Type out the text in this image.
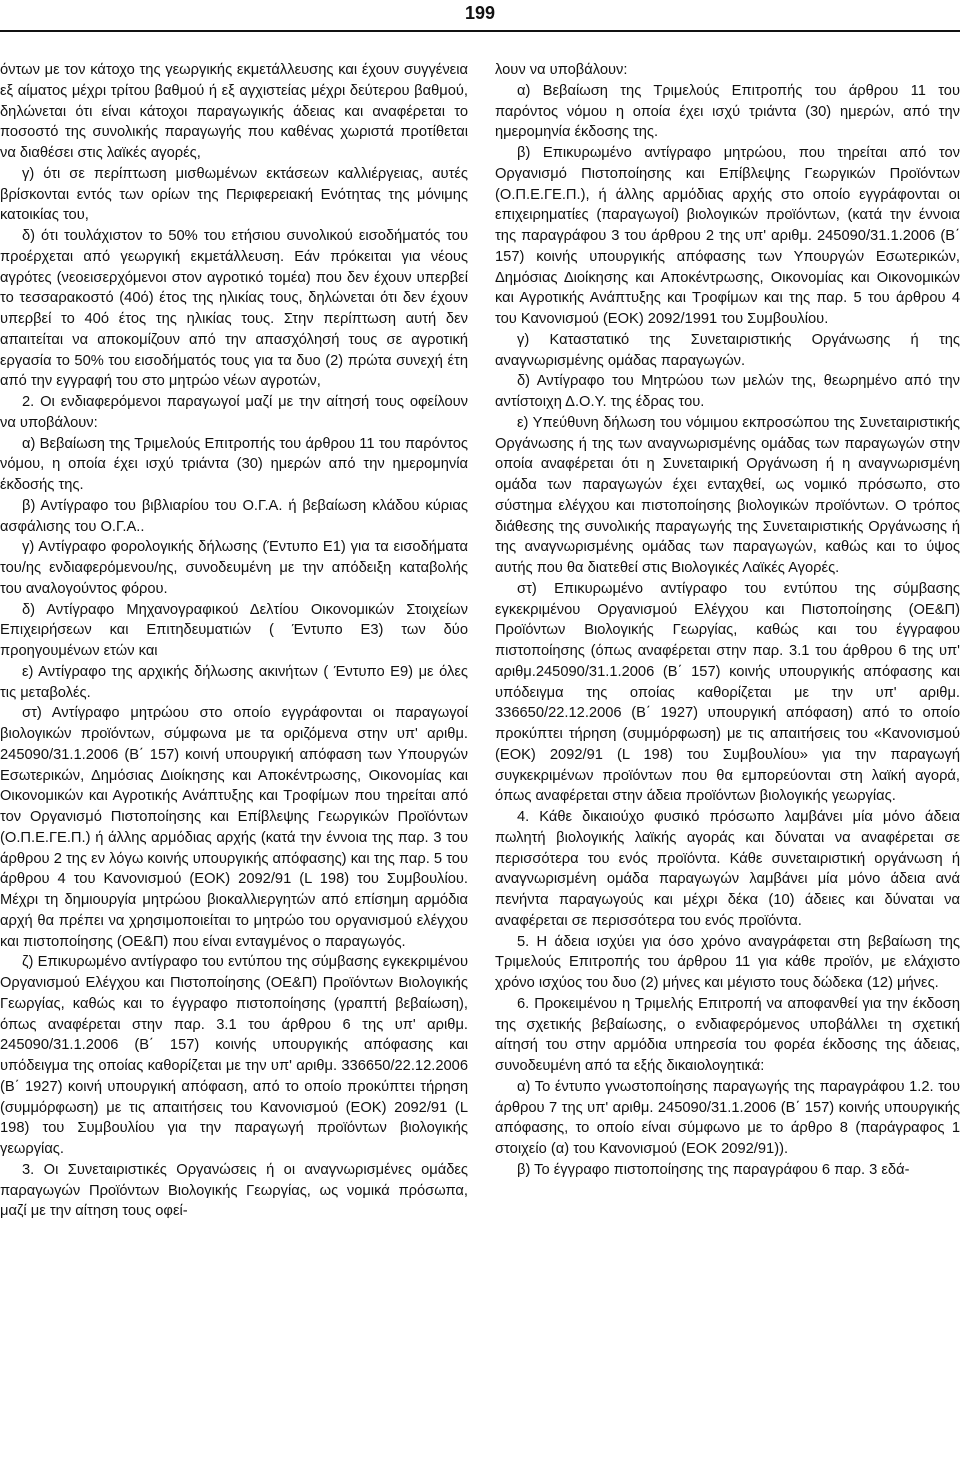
199

όντων με τον κάτοχο της γεωργικής εκμετάλλευσης και έχουν συγγένεια εξ αίματος μέχρι τρίτου βαθμού ή εξ αγχιστείας μέχρι δεύτερου βαθμού, δηλώνεται ότι είναι κάτοχοι παραγωγικής άδειας και αναφέρεται το ποσοστό της συνολικής παραγωγής που καθένας χωριστά προτίθεται να διαθέσει στις λαϊκές αγορές,

γ) ότι σε περίπτωση μισθωμένων εκτάσεων καλλιέργειας, αυτές βρίσκονται εντός των ορίων της Περιφερειακή Ενότητας της μόνιμης κατοικίας του,

δ) ότι τουλάχιστον το 50% του ετήσιου συνολικού εισοδήματός του προέρχεται από γεωργική εκμετάλλευση. Εάν πρόκειται για νέους αγρότες (νεοεισερχόμενοι στον αγροτικό τομέα) που δεν έχουν υπερβεί το τεσσαρακοστό (40ό) έτος της ηλικίας τους, δηλώνεται ότι δεν έχουν υπερβεί το 40ό έτος της ηλικίας τους. Στην περίπτωση αυτή δεν απαιτείται να αποκομίζουν από την απασχόλησή τους σε αγροτική εργασία το 50% του εισοδήματός τους για τα δυο (2) πρώτα συνεχή έτη από την εγγραφή του στο μητρώο νέων αγροτών,

2. Οι ενδιαφερόμενοι παραγωγοί μαζί με την αίτησή τους οφείλουν να υποβάλουν:

α) Βεβαίωση της Τριμελούς Επιτροπής του άρθρου 11 του παρόντος νόμου, η οποία έχει ισχύ τριάντα (30) ημερών από την ημερομηνία έκδοσής της.

β) Αντίγραφο του βιβλιαρίου του Ο.Γ.Α. ή βεβαίωση κλάδου κύριας ασφάλισης του Ο.Γ.Α..

γ) Αντίγραφο φορολογικής δήλωσης (Έντυπο Ε1) για τα εισοδήματα του/ης ενδιαφερόμενου/ης, συνοδευμένη με την απόδειξη καταβολής του αναλογούντος φόρου.

δ) Αντίγραφο Μηχανογραφικού Δελτίου Οικονομικών Στοιχείων Επιχειρήσεων και Επιτηδευματιών ( Έντυπο Ε3) των δύο προηγουμένων ετών και

ε) Αντίγραφο της αρχικής δήλωσης ακινήτων ( Έντυπο Ε9) με όλες τις μεταβολές.

στ) Αντίγραφο μητρώου στο οποίο εγγράφονται οι παραγωγοί βιολογικών προϊόντων, σύμφωνα με τα οριζόμενα στην υπ' αριθμ. 245090/31.1.2006 (Β΄ 157) κοινή υπουργική απόφαση των Υπουργών Εσωτερικών, Δημόσιας Διοίκησης και Αποκέντρωσης, Οικονομίας και Οικονομικών και Αγροτικής Ανάπτυξης και Τροφίμων που τηρείται από τον Οργανισμό Πιστοποίησης και Επίβλεψης Γεωργικών Προϊόντων (Ο.Π.Ε.ΓΕ.Π.) ή άλλης αρμόδιας αρχής (κατά την έννοια της παρ. 3 του άρθρου 2 της εν λόγω κοινής υπουργικής απόφασης) και της παρ. 5 του άρθρου 4 του Κανονισμού (ΕΟΚ) 2092/91 (L 198) του Συμβουλίου. Μέχρι τη δημιουργία μητρώου βιοκαλλιεργητών από επίσημη αρμόδια αρχή θα πρέπει να χρησιμοποιείται το μητρώο του οργανισμού ελέγχου και πιστοποίησης (ΟΕ&Π) που είναι ενταγμένος ο παραγωγός.

ζ) Επικυρωμένο αντίγραφο του εντύπου της σύμβασης εγκεκριμένου Οργανισμού Ελέγχου και Πιστοποίησης (ΟΕ&Π) Προϊόντων Βιολογικής Γεωργίας, καθώς και το έγγραφο πιστοποίησης (γραπτή βεβαίωση), όπως αναφέρεται στην παρ. 3.1 του άρθρου 6 της υπ' αριθμ. 245090/31.1.2006 (Β΄ 157) κοινής υπουργικής απόφασης και υπόδειγμα της οποίας καθορίζεται με την υπ' αριθμ. 336650/22.12.2006 (Β΄ 1927) κοινή υπουργική απόφαση, από το οποίο προκύπτει τήρηση (συμμόρφωση) με τις απαιτήσεις του Κανονισμού (ΕΟΚ) 2092/91 (L 198) του Συμβουλίου για την παραγωγή προϊόντων βιολογικής γεωργίας.

3. Οι Συνεταιριστικές Οργανώσεις ή οι αναγνωρισμένες ομάδες παραγωγών Προϊόντων Βιολογικής Γεωργίας, ως νομικά πρόσωπα, μαζί με την αίτηση τους οφεί-

λουν να υποβάλουν:

α) Βεβαίωση της Τριμελούς Επιτροπής του άρθρου 11 του παρόντος νόμου η οποία έχει ισχύ τριάντα (30) ημερών, από την ημερομηνία έκδοσης της.

β) Επικυρωμένο αντίγραφο μητρώου, που τηρείται από τον Οργανισμό Πιστοποίησης και Επίβλεψης Γεωργικών Προϊόντων (Ο.Π.Ε.ΓΕ.Π.), ή άλλης αρμόδιας αρχής στο οποίο εγγράφονται οι επιχειρηματίες (παραγωγοί) βιολογικών προϊόντων, (κατά την έννοια της παραγράφου 3 του άρθρου 2 της υπ' αριθμ. 245090/31.1.2006 (Β΄ 157) κοινής υπουργικής απόφασης των Υπουργών Εσωτερικών, Δημόσιας Διοίκησης και Αποκέντρωσης, Οικονομίας και Οικονομικών και Αγροτικής Ανάπτυξης και Τροφίμων και της παρ. 5 του άρθρου 4 του Κανονισμού (ΕΟΚ) 2092/1991 του Συμβουλίου.

γ) Καταστατικό της Συνεταιριστικής Οργάνωσης ή της αναγνωρισμένης ομάδας παραγωγών.

δ) Αντίγραφο του Μητρώου των μελών της, θεωρημένο από την αντίστοιχη Δ.Ο.Υ. της έδρας του.

ε) Υπεύθυνη δήλωση του νόμιμου εκπροσώπου της Συνεταιριστικής Οργάνωσης ή της των αναγνωρισμένης ομάδας των παραγωγών στην οποία αναφέρεται ότι η Συνεταιρική Οργάνωση ή η αναγνωρισμένη ομάδα των παραγωγών έχει ενταχθεί, ως νομικό πρόσωπο, στο σύστημα ελέγχου και πιστοποίησης βιολογικών προϊόντων. Ο τρόπος διάθεσης της συνολικής παραγωγής της Συνεταιριστικής Οργάνωσης ή της αναγνωρισμένης ομάδας των παραγωγών, καθώς και το ύψος αυτής που θα διατεθεί στις Βιολογικές Λαϊκές Αγορές.

στ) Επικυρωμένο αντίγραφο του εντύπου της σύμβασης εγκεκριμένου Οργανισμού Ελέγχου και Πιστοποίησης (ΟΕ&Π) Προϊόντων Βιολογικής Γεωργίας, καθώς και του έγγραφου πιστοποίησης (όπως αναφέρεται στην παρ. 3.1 του άρθρου 6 της υπ' αριθμ.245090/31.1.2006 (Β΄ 157) κοινής υπουργικής απόφασης και υπόδειγμα της οποίας καθορίζεται με την υπ' αριθμ. 336650/22.12.2006 (Β΄ 1927) υπουργική απόφαση) από το οποίο προκύπτει τήρηση (συμμόρφωση) με τις απαιτήσεις του «Κανονισμού (ΕΟΚ) 2092/91 (L 198) του Συμβουλίου» για την παραγωγή συγκεκριμένων προϊόντων που θα εμπορεύονται στη λαϊκή αγορά, όπως αναφέρεται στην άδεια προϊόντων βιολογικής γεωργίας.

4. Κάθε δικαιούχο φυσικό πρόσωπο λαμβάνει μία μόνο άδεια πωλητή βιολογικής λαϊκής αγοράς και δύναται να αναφέρεται σε περισσότερα του ενός προϊόντα. Κάθε συνεταιριστική οργάνωση ή αναγνωρισμένη ομάδα παραγωγών λαμβάνει μία μόνο άδεια ανά πενήντα παραγωγούς και μέχρι δέκα (10) άδειες και δύναται να αναφέρεται σε περισσότερα του ενός προϊόντα.

5. Η άδεια ισχύει για όσο χρόνο αναγράφεται στη βεβαίωση της Τριμελούς Επιτροπής του άρθρου 11 για κάθε προϊόν, με ελάχιστο χρόνο ισχύος του δυο (2) μήνες και μέγιστο τους δώδεκα (12) μήνες.

6. Προκειμένου η Τριμελής Επιτροπή να αποφανθεί για την έκδοση της σχετικής βεβαίωσης, ο ενδιαφερόμενος υποβάλλει τη σχετική αίτησή του στην αρμόδια υπηρεσία του φορέα έκδοσης της άδειας, συνοδευμένη από τα εξής δικαιολογητικά:

α) Το έντυπο γνωστοποίησης παραγωγής της παραγράφου 1.2. του άρθρου 7 της υπ' αριθμ. 245090/31.1.2006 (Β΄ 157) κοινής υπουργικής απόφασης, το οποίο είναι σύμφωνο με το άρθρο 8 (παράγραφος 1 στοιχείο (α) του Κανονισμού (ΕΟΚ 2092/91)).

β) Το έγγραφο πιστοποίησης της παραγράφου 6 παρ. 3 εδά-
